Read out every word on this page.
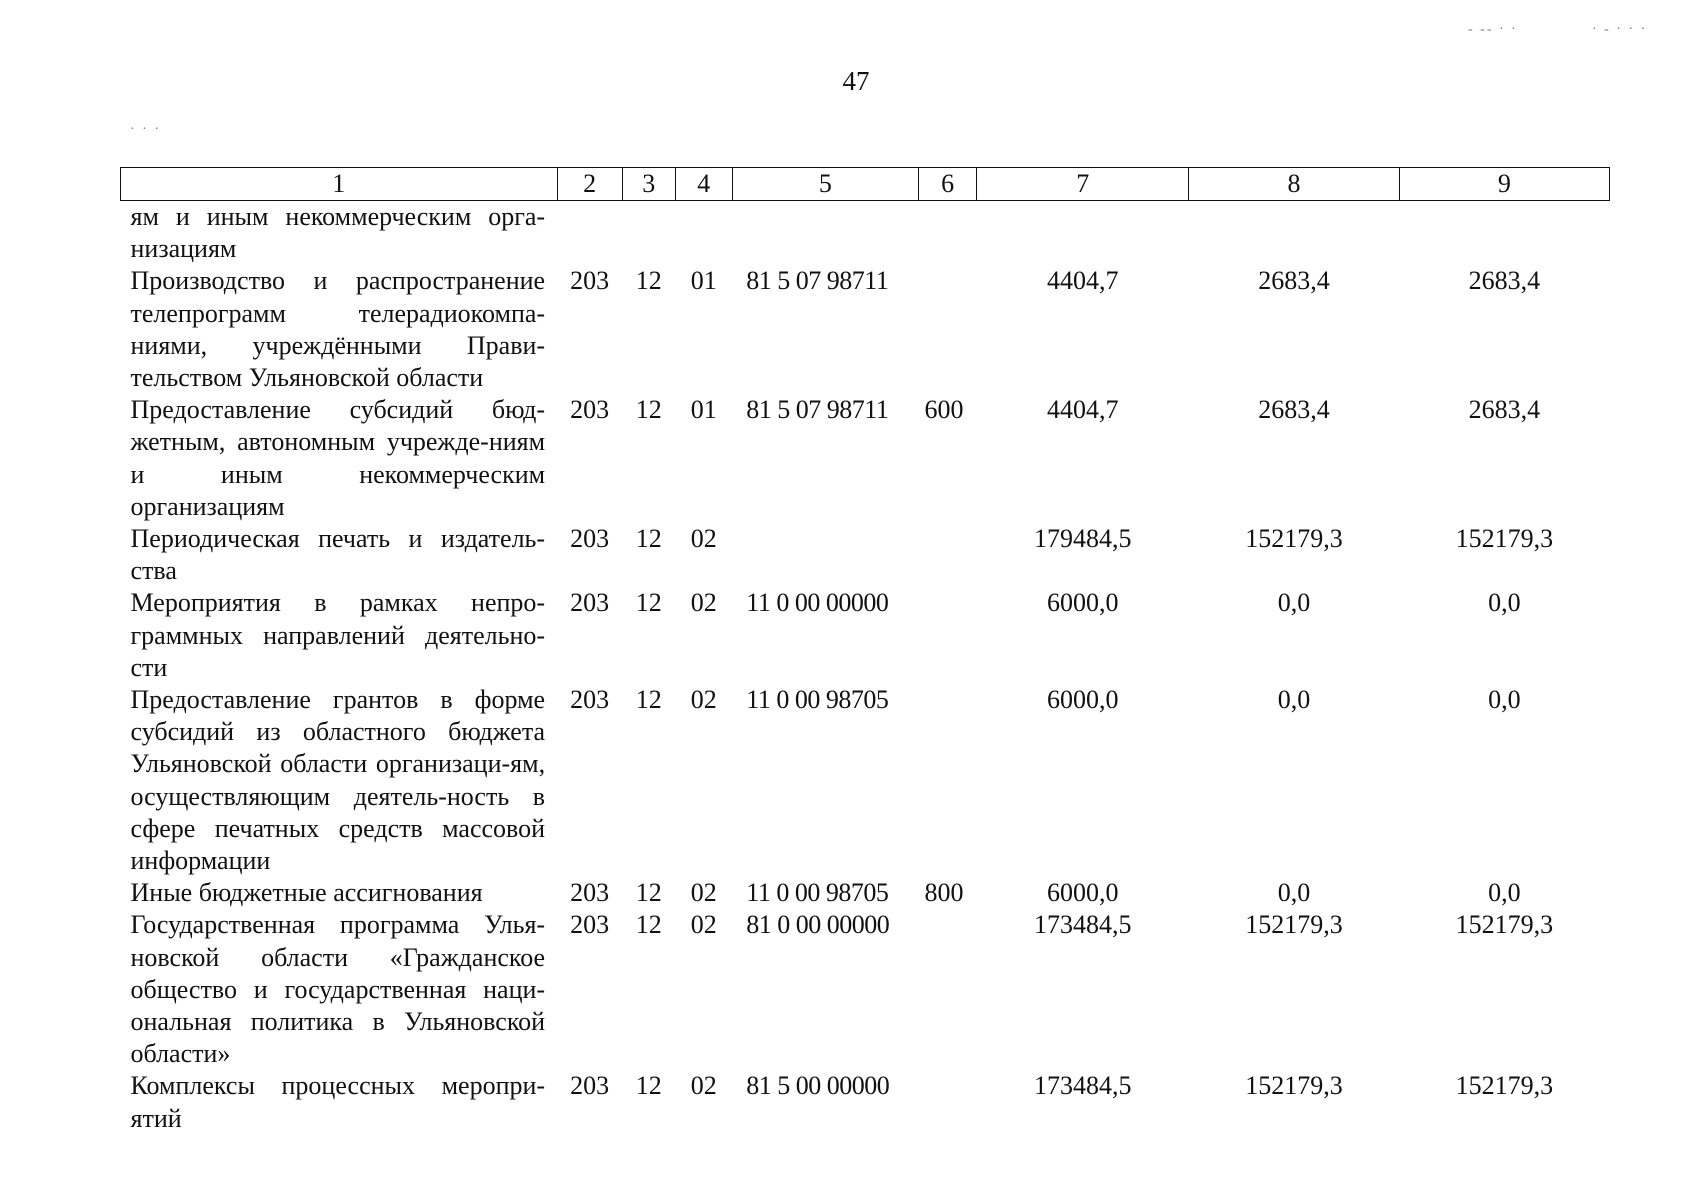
47
· · ·
- -- · ·	· - · · ·
1	2	3	4	5	6	7	8	9
ям и иным некоммерческим орга-низациям								
Производство и распространение телепрограмм телерадиокомпа-ниями, учреждёнными Прави-тельством Ульяновской области	203	12	01	81 5 07 98711		4404,7	2683,4	2683,4
Предоставление субсидий бюд-жетным, автономным учрежде-ниям и иным некоммерческим организациям	203	12	01	81 5 07 98711	600	4404,7	2683,4	2683,4
Периодическая печать и издатель-ства	203	12	02			179484,5	152179,3	152179,3
Мероприятия в рамках непро-граммных направлений деятельно-сти	203	12	02	11 0 00 00000		6000,0	0,0	0,0
Предоставление грантов в форме субсидий из областного бюджета Ульяновской области организаци-ям, осуществляющим деятель-ность в сфере печатных средств массовой информации	203	12	02	11 0 00 98705		6000,0	0,0	0,0
Иные бюджетные ассигнования	203	12	02	11 0 00 98705	800	6000,0	0,0	0,0
Государственная программа Улья-новской области «Гражданское общество и государственная наци-ональная политика в Ульяновской области»	203	12	02	81 0 00 00000		173484,5	152179,3	152179,3
Комплексы процессных меропри-ятий	203	12	02	81 5 00 00000		173484,5	152179,3	152179,3
